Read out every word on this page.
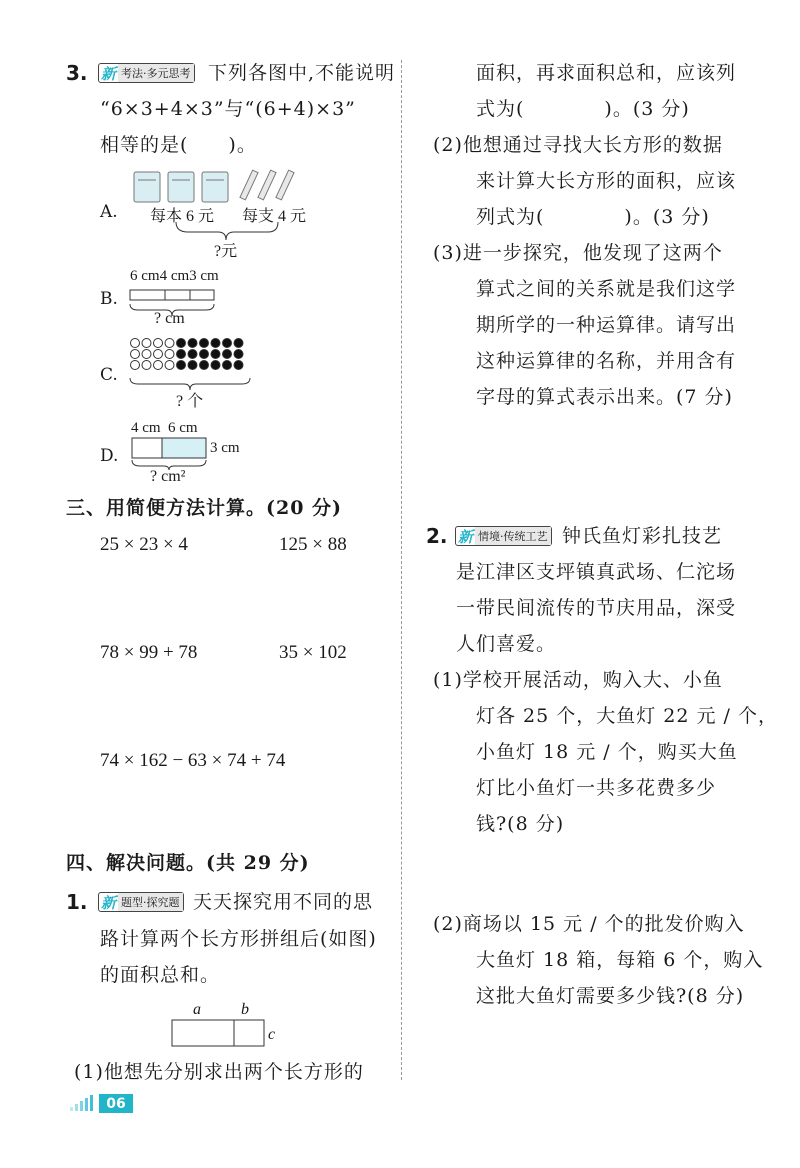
3. 新 考法·多元思考 下列各图中,不能说明
“6×3+4×3”与“(6+4)×3”
相等的是(　　)。
A. 每本 6 元 每支 4 元
?元
B.
6 cm4 cm3 cm
? cm
C.
? 个
D.
4 cm 6 cm
3 cm
? cm²
三、用简便方法计算。(20 分)
25 × 23 × 4	125 × 88
78 × 99 + 78	35 × 102
74 × 162 − 63 × 74 + 74
四、解决问题。(共 29 分)
1. 新 题型·探究题 天天探究用不同的思
路计算两个长方形拼组后(如图)
的面积总和。
a	b
c
(1)他想先分别求出两个长方形的
面积，再求面积总和，应该列
式为(　　　　)。(3 分)
(2)他想通过寻找大长方形的数据
来计算大长方形的面积，应该
列式为(　　　　)。(3 分)
(3)进一步探究，他发现了这两个
算式之间的关系就是我们这学
期所学的一种运算律。请写出
这种运算律的名称，并用含有
字母的算式表示出来。(7 分)
2. 新 情境·传统工艺 钟氏鱼灯彩扎技艺
是江津区支坪镇真武场、仁沱场
一带民间流传的节庆用品，深受
人们喜爱。
(1)学校开展活动，购入大、小鱼
灯各 25 个，大鱼灯 22 元 / 个，
小鱼灯 18 元 / 个，购买大鱼
灯比小鱼灯一共多花费多少
钱?(8 分)
(2)商场以 15 元 / 个的批发价购入
大鱼灯 18 箱，每箱 6 个，购入
这批大鱼灯需要多少钱?(8 分)
06
